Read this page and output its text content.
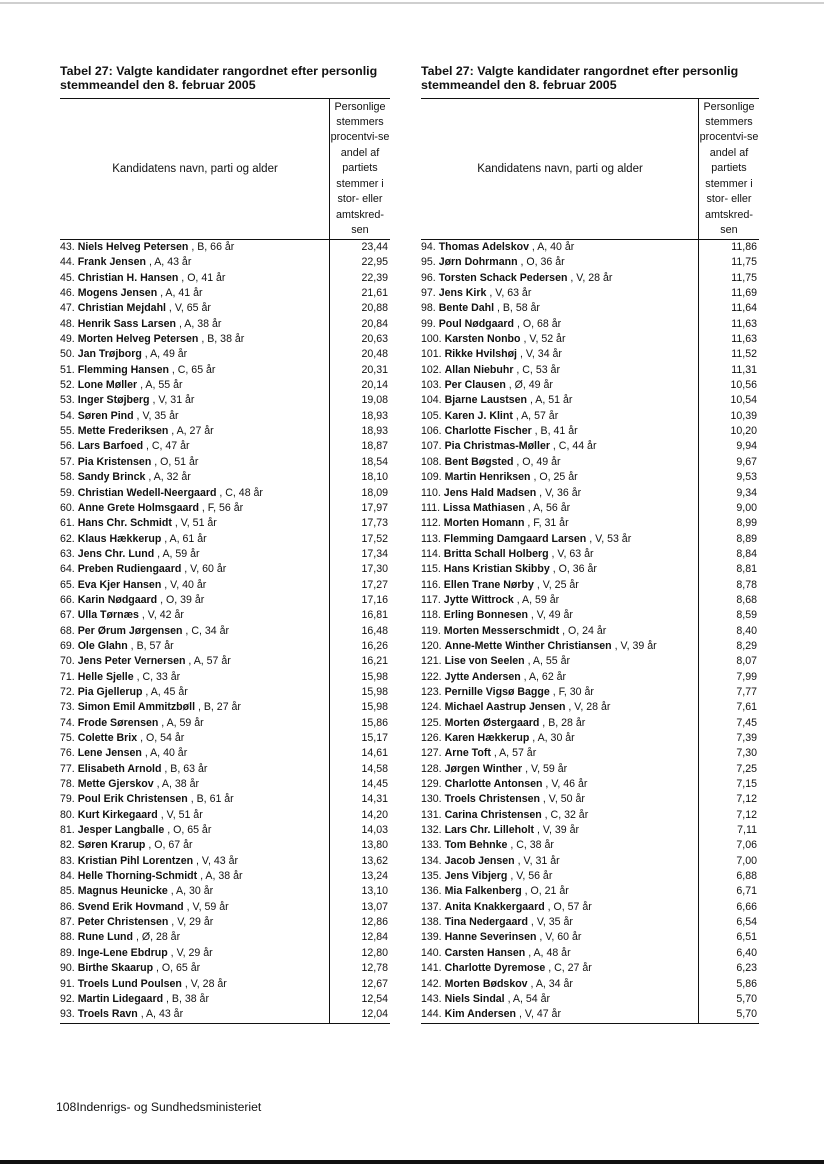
Tabel 27: Valgte kandidater rangordnet efter personlig stemmeandel den 8. februar 2005
Kandidatens navn, parti og alder
Personlige stemmers procentvi-se andel af partiets stemmer i stor- eller amtskred-sen
43. Niels Helveg Petersen , B, 66 år	23,44
44. Frank Jensen , A, 43 år	22,95
45. Christian H. Hansen , O, 41 år	22,39
46. Mogens Jensen , A, 41 år	21,61
47. Christian Mejdahl , V, 65 år	20,88
48. Henrik Sass Larsen , A, 38 år	20,84
49. Morten Helveg Petersen , B, 38 år	20,63
50. Jan Trøjborg , A, 49 år	20,48
51. Flemming Hansen , C, 65 år	20,31
52. Lone Møller , A, 55 år	20,14
53. Inger Støjberg , V, 31 år	19,08
54. Søren Pind , V, 35 år	18,93
55. Mette Frederiksen , A, 27 år	18,93
56. Lars Barfoed , C, 47 år	18,87
57. Pia Kristensen , O, 51 år	18,54
58. Sandy Brinck , A, 32 år	18,10
59. Christian Wedell-Neergaard , C, 48 år	18,09
60. Anne Grete Holmsgaard , F, 56 år	17,97
61. Hans Chr. Schmidt , V, 51 år	17,73
62. Klaus Hækkerup , A, 61 år	17,52
63. Jens Chr. Lund , A, 59 år	17,34
64. Preben Rudiengaard , V, 60 år	17,30
65. Eva Kjer Hansen , V, 40 år	17,27
66. Karin Nødgaard , O, 39 år	17,16
67. Ulla Tørnæs , V, 42 år	16,81
68. Per Ørum Jørgensen , C, 34 år	16,48
69. Ole Glahn , B, 57 år	16,26
70. Jens Peter Vernersen , A, 57 år	16,21
71. Helle Sjelle , C, 33 år	15,98
72. Pia Gjellerup , A, 45 år	15,98
73. Simon Emil Ammitzbøll , B, 27 år	15,98
74. Frode Sørensen , A, 59 år	15,86
75. Colette Brix , O, 54 år	15,17
76. Lene Jensen , A, 40 år	14,61
77. Elisabeth Arnold , B, 63 år	14,58
78. Mette Gjerskov , A, 38 år	14,45
79. Poul Erik Christensen , B, 61 år	14,31
80. Kurt Kirkegaard , V, 51 år	14,20
81. Jesper Langballe , O, 65 år	14,03
82. Søren Krarup , O, 67 år	13,80
83. Kristian Pihl Lorentzen , V, 43 år	13,62
84. Helle Thorning-Schmidt , A, 38 år	13,24
85. Magnus Heunicke , A, 30 år	13,10
86. Svend Erik Hovmand , V, 59 år	13,07
87. Peter Christensen , V, 29 år	12,86
88. Rune Lund , Ø, 28 år	12,84
89. Inge-Lene Ebdrup , V, 29 år	12,80
90. Birthe Skaarup , O, 65 år	12,78
91. Troels Lund Poulsen , V, 28 år	12,67
92. Martin Lidegaard , B, 38 år	12,54
93. Troels Ravn , A, 43 år	12,04
Tabel 27: Valgte kandidater rangordnet efter personlig stemmeandel den 8. februar 2005
Kandidatens navn, parti og alder
Personlige stemmers procentvi-se andel af partiets stemmer i stor- eller amtskred-sen
94. Thomas Adelskov , A, 40 år	11,86
95. Jørn Dohrmann , O, 36 år	11,75
96. Torsten Schack Pedersen , V, 28 år	11,75
97. Jens Kirk , V, 63 år	11,69
98. Bente Dahl , B, 58 år	11,64
99. Poul Nødgaard , O, 68 år	11,63
100. Karsten Nonbo , V, 52 år	11,63
101. Rikke Hvilshøj , V, 34 år	11,52
102. Allan Niebuhr , C, 53 år	11,31
103. Per Clausen , Ø, 49 år	10,56
104. Bjarne Laustsen , A, 51 år	10,54
105. Karen J. Klint , A, 57 år	10,39
106. Charlotte Fischer , B, 41 år	10,20
107. Pia Christmas-Møller , C, 44 år	9,94
108. Bent Bøgsted , O, 49 år	9,67
109. Martin Henriksen , O, 25 år	9,53
110. Jens Hald Madsen , V, 36 år	9,34
111. Lissa Mathiasen , A, 56 år	9,00
112. Morten Homann , F, 31 år	8,99
113. Flemming Damgaard Larsen , V, 53 år	8,89
114. Britta Schall Holberg , V, 63 år	8,84
115. Hans Kristian Skibby , O, 36 år	8,81
116. Ellen Trane Nørby , V, 25 år	8,78
117. Jytte Wittrock , A, 59 år	8,68
118. Erling Bonnesen , V, 49 år	8,59
119. Morten Messerschmidt , O, 24 år	8,40
120. Anne-Mette Winther Christiansen , V, 39 år	8,29
121. Lise von Seelen , A, 55 år	8,07
122. Jytte Andersen , A, 62 år	7,99
123. Pernille Vigsø Bagge , F, 30 år	7,77
124. Michael Aastrup Jensen , V, 28 år	7,61
125. Morten Østergaard , B, 28 år	7,45
126. Karen Hækkerup , A, 30 år	7,39
127. Arne Toft , A, 57 år	7,30
128. Jørgen Winther , V, 59 år	7,25
129. Charlotte Antonsen , V, 46 år	7,15
130. Troels Christensen , V, 50 år	7,12
131. Carina Christensen , C, 32 år	7,12
132. Lars Chr. Lilleholt , V, 39 år	7,11
133. Tom Behnke , C, 38 år	7,06
134. Jacob Jensen , V, 31 år	7,00
135. Jens Vibjerg , V, 56 år	6,88
136. Mia Falkenberg , O, 21 år	6,71
137. Anita Knakkergaard , O, 57 år	6,66
138. Tina Nedergaard , V, 35 år	6,54
139. Hanne Severinsen , V, 60 år	6,51
140. Carsten Hansen , A, 48 år	6,40
141. Charlotte Dyremose , C, 27 år	6,23
142. Morten Bødskov , A, 34 år	5,86
143. Niels Sindal , A, 54 år	5,70
144. Kim Andersen , V, 47 år	5,70
108Indenrigs- og Sundhedsministeriet
